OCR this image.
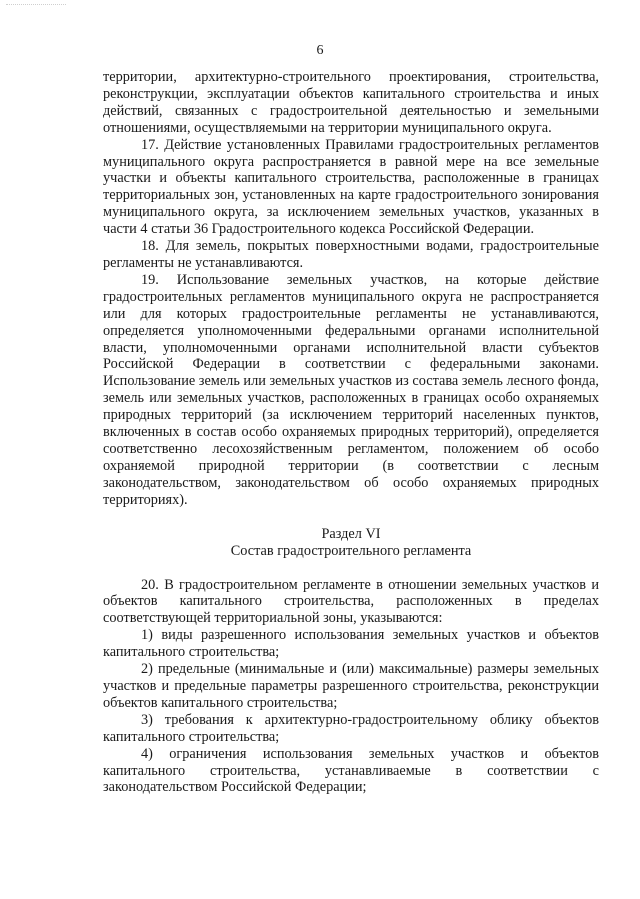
6

территории, архитектурно-строительного проектирования, строительства, реконструкции, эксплуатации объектов капитального строительства и иных действий, связанных с градостроительной деятельностью и земельными отношениями, осуществляемыми на территории муниципального округа.

17. Действие установленных Правилами градостроительных регламентов муниципального округа распространяется в равной мере на все земельные участки и объекты капитального строительства, расположенные в границах территориальных зон, установленных на карте градостроительного зонирования муниципального округа, за исключением земельных участков, указанных в части 4 статьи 36 Градостроительного кодекса Российской Федерации.

18. Для земель, покрытых поверхностными водами, градостроительные регламенты не устанавливаются.

19. Использование земельных участков, на которые действие градостроительных регламентов муниципального округа не распространяется или для которых градостроительные регламенты не устанавливаются, определяется уполномоченными федеральными органами исполнительной власти, уполномоченными органами исполнительной власти субъектов Российской Федерации в соответствии с федеральными законами. Использование земель или земельных участков из состава земель лесного фонда, земель или земельных участков, расположенных в границах особо охраняемых природных территорий (за исключением территорий населенных пунктов, включенных в состав особо охраняемых природных территорий), определяется соответственно лесохозяйственным регламентом, положением об особо охраняемой природной территории (в соответствии с лесным законодательством, законодательством об особо охраняемых природных территориях).

Раздел VI

Состав градостроительного регламента

20. В градостроительном регламенте в отношении земельных участков и объектов капитального строительства, расположенных в пределах соответствующей территориальной зоны, указываются:

1) виды разрешенного использования земельных участков и объектов капитального строительства;

2) предельные (минимальные и (или) максимальные) размеры земельных участков и предельные параметры разрешенного строительства, реконструкции объектов капитального строительства;

3) требования к архитектурно-градостроительному облику объектов капитального строительства;

4) ограничения использования земельных участков и объектов капитального строительства, устанавливаемые в соответствии с законодательством Российской Федерации;
